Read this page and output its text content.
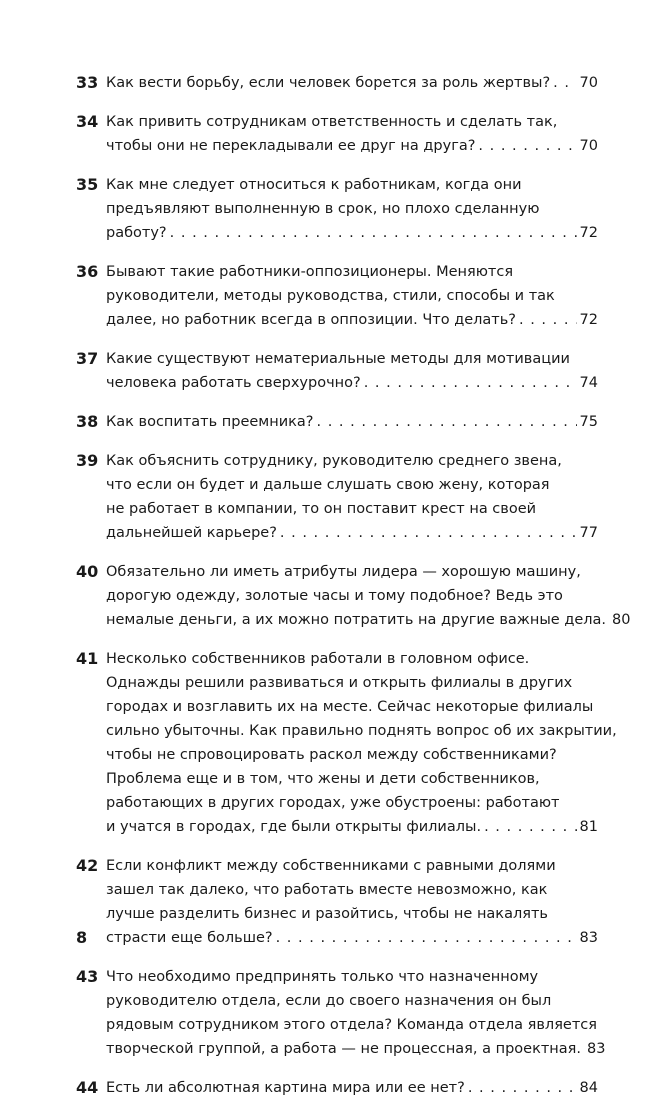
33 Как вести борьбу, если человек борется за роль жертвы? . . . 70
34 Как привить сотрудникам ответственность и сделать так,
чтобы они не перекладывали ее друг на друга? . . .	70
35 Как мне следует относиться к работникам, когда они
предъявляют выполненную в срок, но плохо сделанную
работу? . . .	72
36 Бывают такие работники-оппозиционеры. Меняются
руководители, методы руководства, стили, способы и так
далее, но работник всегда в оппозиции. Что делать? . . .	72
37 Какие существуют нематериальные методы для мотивации
человека работать сверхурочно? . . .	74
38 Как воспитать преемника? . . .	75
39 Как объяснить сотруднику, руководителю среднего звена,
что если он будет и дальше слушать свою жену, которая
не работает в компании, то он поставит крест на своей
дальнейшей карьере? . . .	77
40 Обязательно ли иметь атрибуты лидера — хорошую машину,
дорогую одежду, золотые часы и тому подобное? Ведь это
немалые деньги, а их можно потратить на другие важные дела. 80
41 Несколько собственников работали в головном офисе.
Однажды решили развиваться и открыть филиалы в других
городах и возглавить их на месте. Сейчас некоторые филиалы
сильно убыточны. Как правильно поднять вопрос об их закрытии,
чтобы не спровоцировать раскол между собственниками?
Проблема еще и в том, что жены и дети собственников,
работающих в других городах, уже обустроены: работают
и учатся в городах, где были открыты филиалы. . . .	81
42 Если конфликт между собственниками с равными долями
зашел так далеко, что работать вместе невозможно, как
лучше разделить бизнес и разойтись, чтобы не накалять
страсти еще больше? . . .	83
43 Что необходимо предпринять только что назначенному
руководителю отдела, если до своего назначения он был
рядовым сотрудником этого отдела? Команда отдела является
творческой группой, а работа — не процессная, а проектная. 83
44 Есть ли абсолютная картина мира или ее нет? . . .	84
8
